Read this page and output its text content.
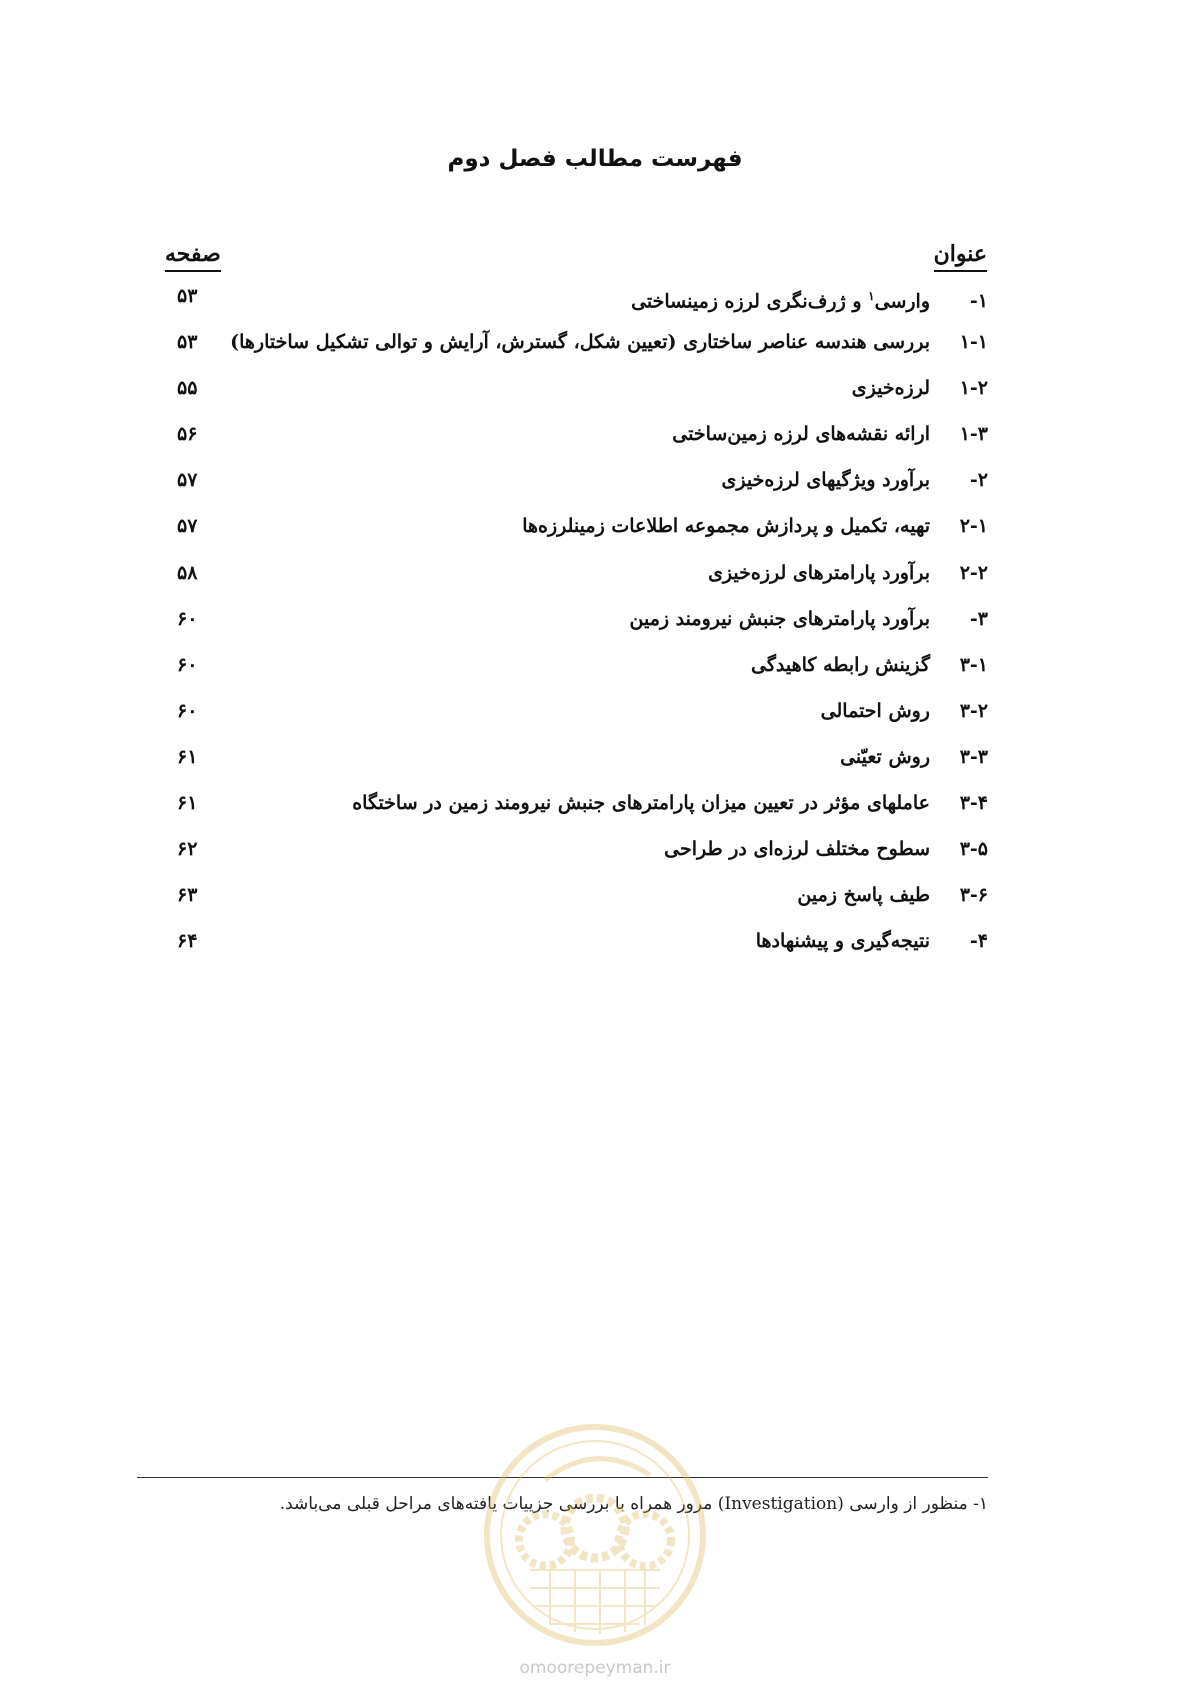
فهرست مطالب فصل دوم
عنوان
صفحه
۱-وارسی$^۱$ و ژرف‌نگری لرزه زمینساختی
۵۳
۱-۱بررسی هندسه عناصر ساختاری (تعیین شکل، گسترش، آرایش و توالی تشکیل ساختارها)
۵۳
۱-۲لرزه‌خیزی
۵۵
۱-۳ارائه نقشه‌های لرزه زمین‌ساختی
۵۶
۲-برآورد ویژگیهای لرزه‌خیزی
۵۷
۲-۱تهیه، تکمیل و پردازش مجموعه اطلاعات زمینلرزه‌ها
۵۷
۲-۲برآورد پارامترهای لرزه‌خیزی
۵۸
۳-برآورد پارامترهای جنبش نیرومند زمین
۶۰
۳-۱گزینش رابطه کاهیدگی
۶۰
۳-۲روش احتمالی
۶۰
۳-۳روش تعیّنی
۶۱
۳-۴عاملهای مؤثر در تعیین میزان پارامترهای جنبش نیرومند زمین در ساختگاه
۶۱
۳-۵سطوح مختلف لرزه‌ای در طراحی
۶۲
۳-۶طیف پاسخ زمین
۶۳
۴-نتیجه‌گیری و پیشنهادها
۶۴
۱- منظور از وارسی (Investigation) مرور همراه با بررسی جزییات یافته‌های مراحل قبلی می‌باشد.
omoorepeyman.ir
